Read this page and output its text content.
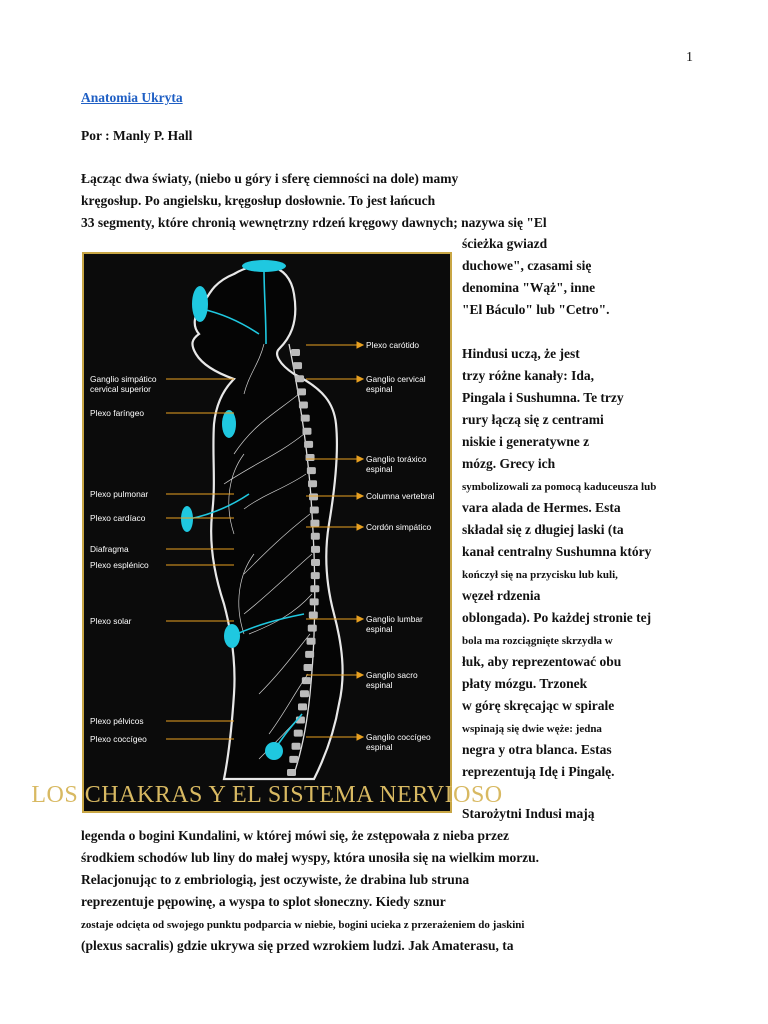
1
Anatomia Ukryta
Por : Manly P. Hall
Łącząc dwa światy, (niebo u góry i sferę ciemności na dole) mamy
kręgosłup. Po angielsku, kręgosłup dosłownie. To jest łańcuch
33 segmenty, które chronią wewnętrzny rdzeń kręgowy dawnych; nazywa się "El
ścieżka gwiazd
duchowe", czasami się
denomina "Wąż", inne
"El Báculo" lub "Cetro".
Hindusi uczą, że jest
trzy różne kanały: Ida,
Pingala i Sushumna. Te trzy
rury łączą się z centrami
niskie i generatywne z
mózg. Grecy ich
symbolizowali za pomocą kaduceusza lub
vara alada de Hermes. Esta
składał się z długiej laski (ta
kanał centralny Sushumna który
kończył się na przycisku lub kuli,
węzeł rdzenia
oblongada). Po każdej stronie tej
bola ma rozciągnięte skrzydła w
łuk, aby reprezentować obu
płaty mózgu. Trzonek
w górę skręcając w spirale
wspinają się dwie węże: jedna
negra y otra blanca. Estas
reprezentują Idę i Pingalę.
Starożytni Indusi mają
legenda o bogini Kundalini, w której mówi się, że zstępowała z nieba przez
środkiem schodów lub liny do małej wyspy, która unosiła się na wielkim morzu.
Relacjonując to z embriologią, jest oczywiste, że drabina lub struna
reprezentuje pępowinę, a wyspa to splot słoneczny. Kiedy sznur
zostaje odcięta od swojego punktu podparcia w niebie, bogini ucieka z przerażeniem do jaskini
(plexus sacralis) gdzie ukrywa się przed wzrokiem ludzi. Jak Amaterasu, ta
Plexo carótido
Ganglio cervical
espinal
Ganglio toráxico
espinal
Columna vertebral
Cordón simpático
Ganglio lumbar
espinal
Ganglio sacro
espinal
Ganglio coccígeo
espinal
Ganglio simpático
cervical superior
Plexo faríngeo
Plexo pulmonar
Plexo cardíaco
Diafragma
Plexo esplénico
Plexo solar
Plexo pélvicos
Plexo coccígeo
LOS CHAKRAS Y EL SISTEMA NERVIOSO
